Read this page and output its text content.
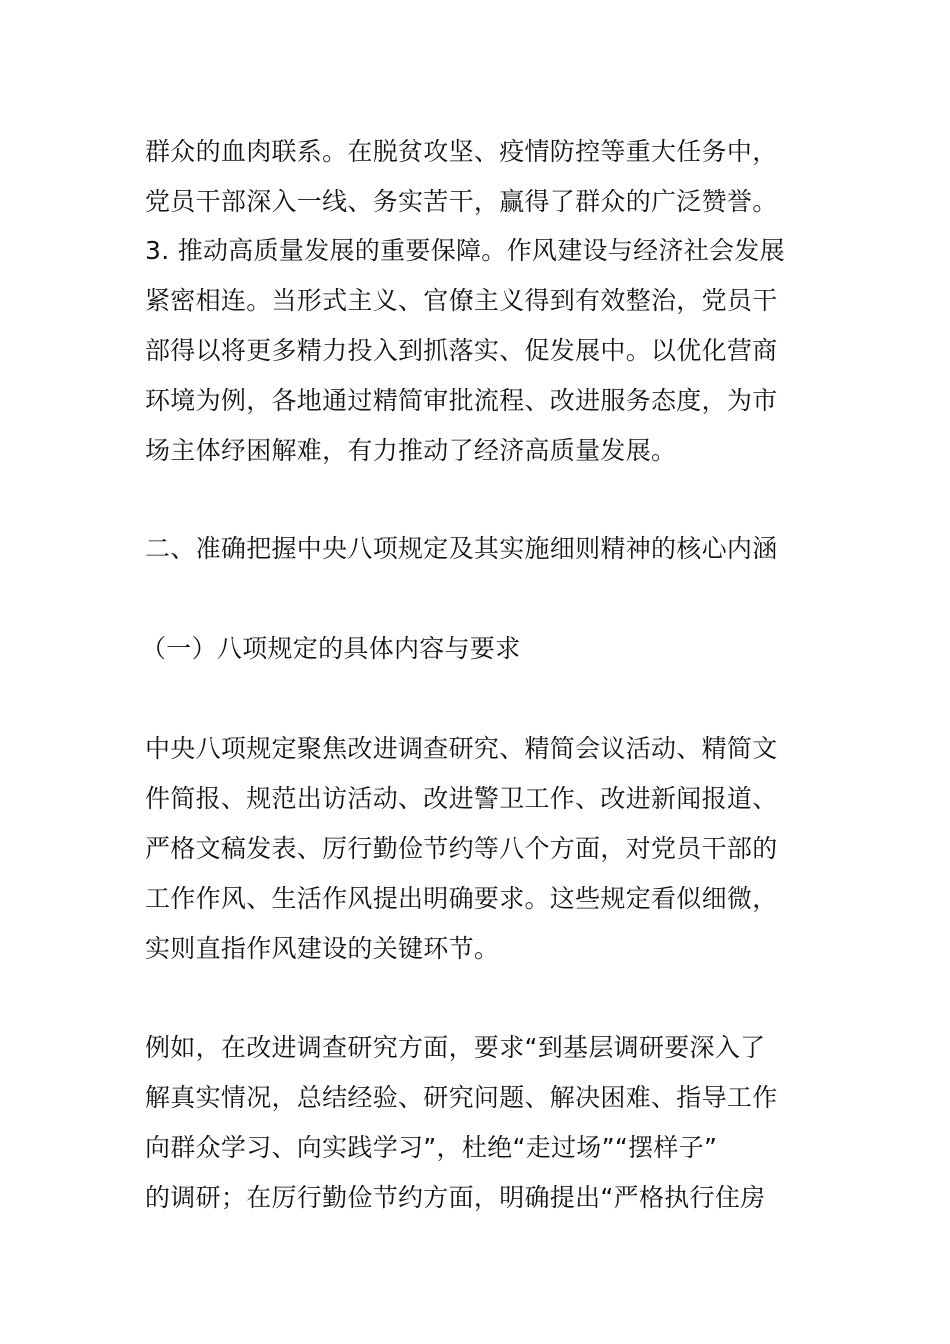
群众的血肉联系。在脱贫攻坚、疫情防控等重大任务中，
党员干部深入一线、务实苦干，赢得了群众的广泛赞誉。
3. 推动高质量发展的重要保障。作风建设与经济社会发展
紧密相连。当形式主义、官僚主义得到有效整治，党员干
部得以将更多精力投入到抓落实、促发展中。以优化营商
环境为例，各地通过精简审批流程、改进服务态度，为市
场主体纾困解难，有力推动了经济高质量发展。
二、准确把握中央八项规定及其实施细则精神的核心内涵
（一）八项规定的具体内容与要求
中央八项规定聚焦改进调查研究、精简会议活动、精简文
件简报、规范出访活动、改进警卫工作、改进新闻报道、
严格文稿发表、厉行勤俭节约等八个方面，对党员干部的
工作作风、生活作风提出明确要求。这些规定看似细微，
实则直指作风建设的关键环节。
例如，在改进调查研究方面，要求“到基层调研要深入了
解真实情况，总结经验、研究问题、解决困难、指导工作
向群众学习、向实践学习”，杜绝“走过场”“摆样子”
的调研；在厉行勤俭节约方面，明确提出“严格执行住房
